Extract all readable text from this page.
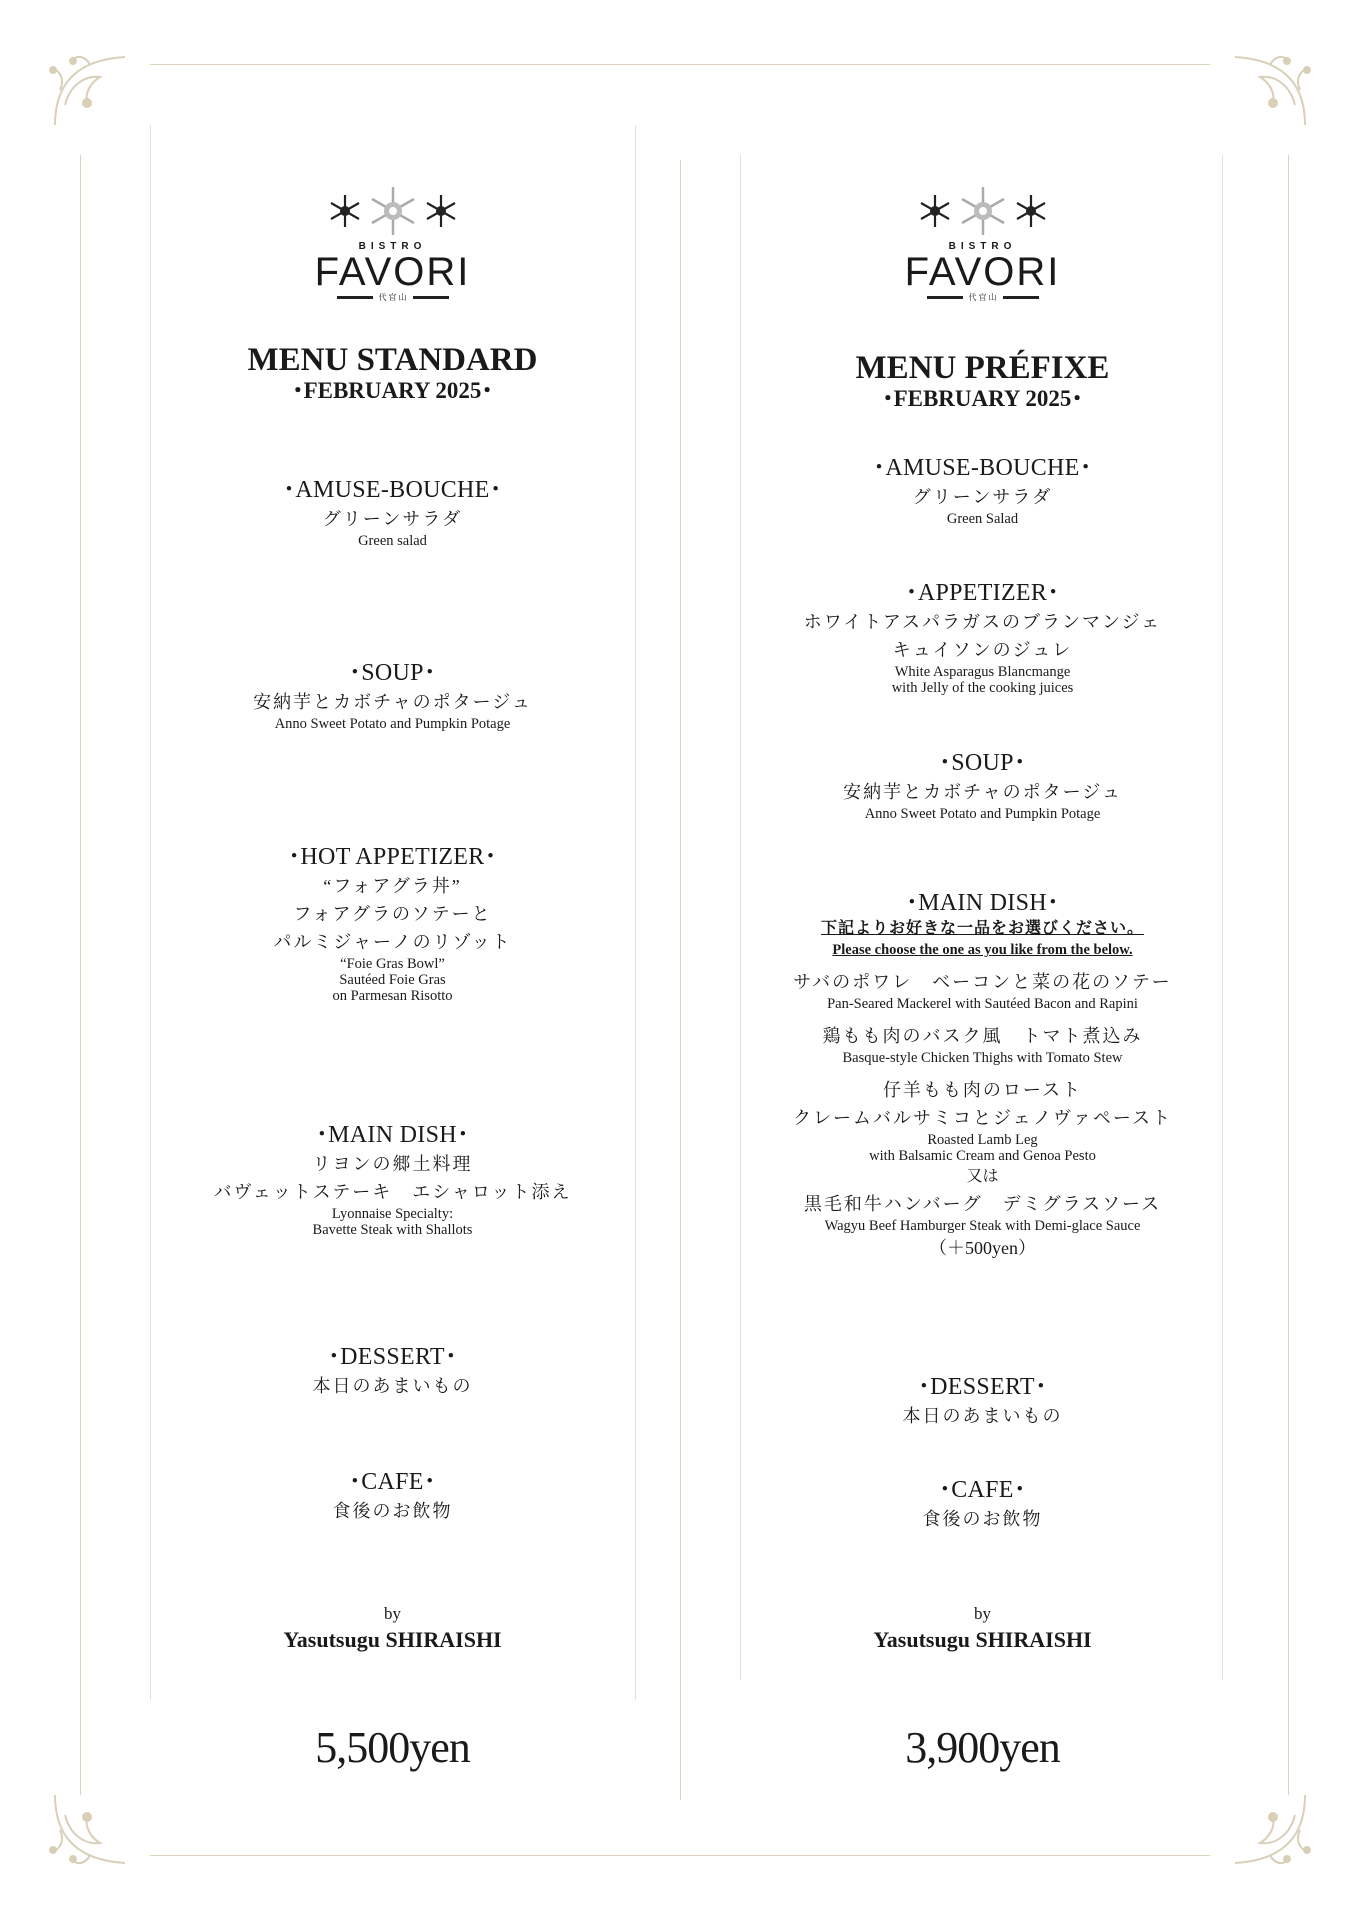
BISTRO
FAVORI
代 官 山
MENU STANDARD
･FEBRUARY 2025･
･AMUSE-BOUCHE･
グリーンサラダ
Green salad
･SOUP･
安納芋とカボチャのポタージュ
Anno Sweet Potato and Pumpkin Potage
･HOT APPETIZER･
“フォアグラ丼”
フォアグラのソテーと
パルミジャーノのリゾット
“Foie Gras Bowl”
Sautéed Foie Gras
on Parmesan Risotto
･MAIN DISH･
リヨンの郷土料理
バヴェットステーキ　エシャロット添え
Lyonnaise Specialty:
Bavette Steak with Shallots
･DESSERT･
本日のあまいもの
･CAFE･
食後のお飲物
by
Yasutsugu SHIRAISHI
5,500yen
BISTRO
FAVORI
代 官 山
MENU PRÉFIXE
･FEBRUARY 2025･
･AMUSE-BOUCHE･
グリーンサラダ
Green Salad
･APPETIZER･
ホワイトアスパラガスのブランマンジェ
キュイソンのジュレ
White Asparagus Blancmange
with Jelly of the cooking juices
･SOUP･
安納芋とカボチャのポタージュ
Anno Sweet Potato and Pumpkin Potage
･MAIN DISH･
下記よりお好きな一品をお選びください。
Please choose the one as you like from the below.
サバのポワレ　ベーコンと菜の花のソテー
Pan-Seared Mackerel with Sautéed Bacon and Rapini
鶏もも肉のバスク風　トマト煮込み
Basque-style Chicken Thighs with Tomato Stew
仔羊もも肉のロースト
クレームバルサミコとジェノヴァペースト
Roasted Lamb Leg
with Balsamic Cream and Genoa Pesto
又は
黒毛和牛ハンバーグ　デミグラスソース
Wagyu Beef Hamburger Steak with Demi-glace Sauce
（＋500yen）
･DESSERT･
本日のあまいもの
･CAFE･
食後のお飲物
by
Yasutsugu SHIRAISHI
3,900yen
